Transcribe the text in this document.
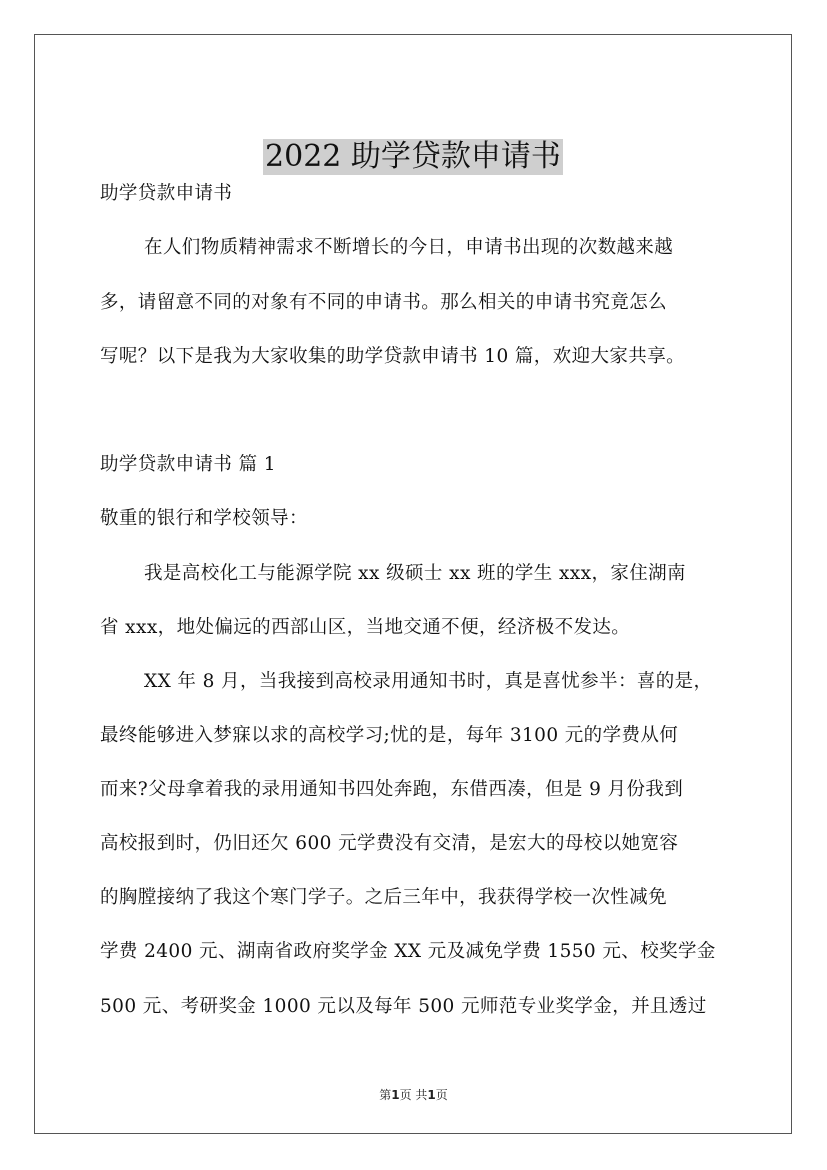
2022 助学贷款申请书
助学贷款申请书
在人们物质精神需求不断增长的今日，申请书出现的次数越来越
多，请留意不同的对象有不同的申请书。那么相关的申请书究竟怎么
写呢？以下是我为大家收集的助学贷款申请书 10 篇，欢迎大家共享。
助学贷款申请书 篇 1
敬重的银行和学校领导：
我是高校化工与能源学院 xx 级硕士 xx 班的学生 xxx，家住湖南
省 xxx，地处偏远的西部山区，当地交通不便，经济极不发达。
XX 年 8 月，当我接到高校录用通知书时，真是喜忧参半：喜的是，
最终能够进入梦寐以求的高校学习;忧的是，每年 3100 元的学费从何
而来?父母拿着我的录用通知书四处奔跑，东借西凑，但是 9 月份我到
高校报到时，仍旧还欠 600 元学费没有交清，是宏大的母校以她宽容
的胸膛接纳了我这个寒门学子。之后三年中，我获得学校一次性减免
学费 2400 元、湖南省政府奖学金 XX 元及减免学费 1550 元、校奖学金
500 元、考研奖金 1000 元以及每年 500 元师范专业奖学金，并且透过
第1页 共1页
